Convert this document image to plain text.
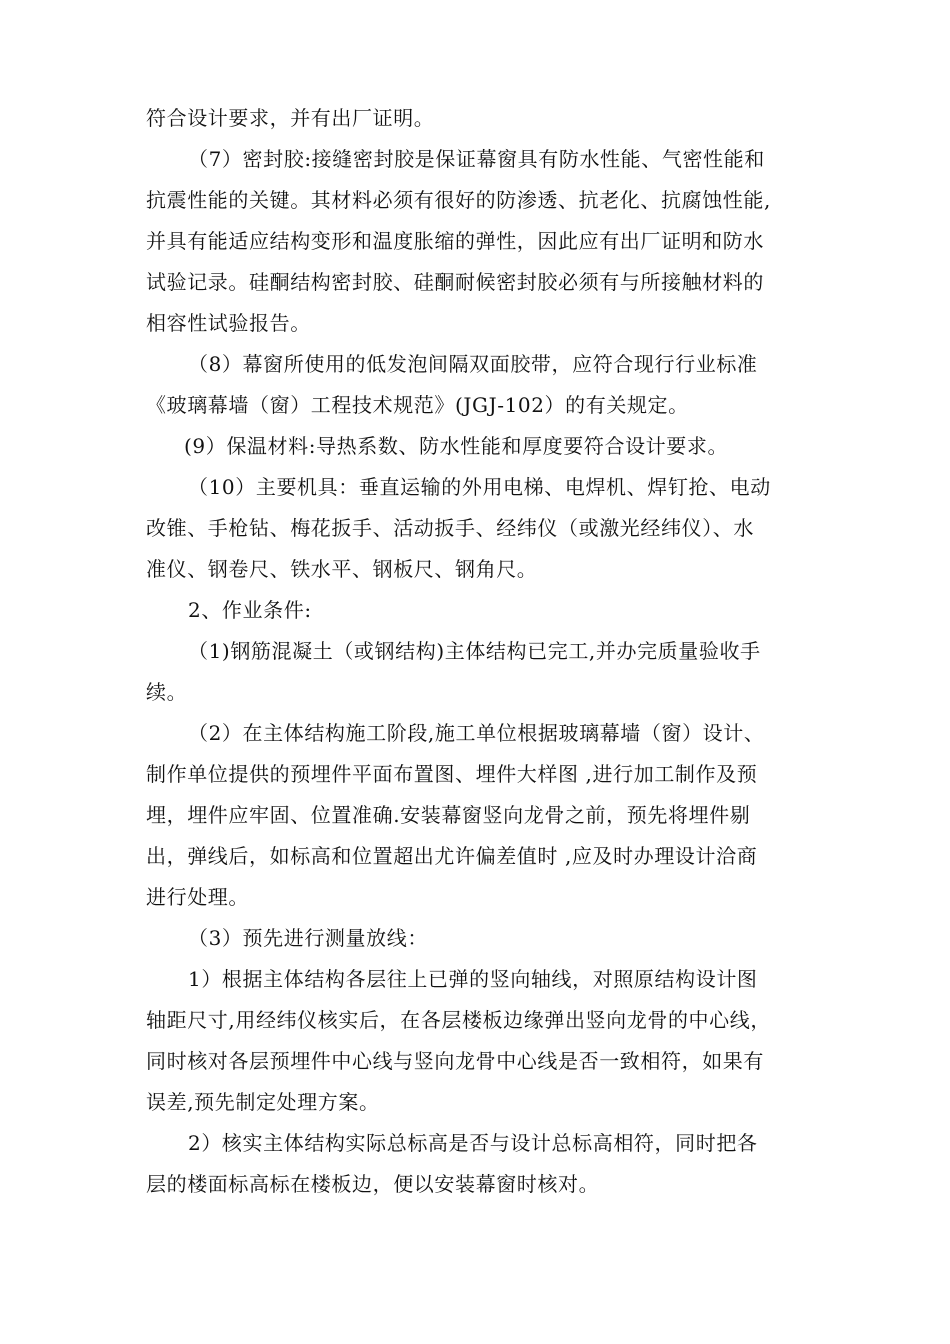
符合设计要求，并有出厂证明。
（7）密封胶:接缝密封胶是保证幕窗具有防水性能、气密性能和
抗震性能的关键。其材料必须有很好的防渗透、抗老化、抗腐蚀性能,
并具有能适应结构变形和温度胀缩的弹性，因此应有出厂证明和防水
试验记录。硅酮结构密封胶、硅酮耐候密封胶必须有与所接触材料的
相容性试验报告。
（8）幕窗所使用的低发泡间隔双面胶带，应符合现行行业标准
《玻璃幕墙（窗）工程技术规范》(JGJ-102）的有关规定。
(9）保温材料:导热系数、防水性能和厚度要符合设计要求。
（10）主要机具：垂直运输的外用电梯、电焊机、焊钉抢、电动
改锥、手枪钻、梅花扳手、活动扳手、经纬仪（或激光经纬仪）、水
准仪、钢卷尺、铁水平、钢板尺、钢角尺。
2、作业条件:
（1)钢筋混凝土（或钢结构)主体结构已完工,并办完质量验收手
续。
（2）在主体结构施工阶段,施工单位根据玻璃幕墙（窗）设计、
制作单位提供的预埋件平面布置图、埋件大样图 ,进行加工制作及预
埋，埋件应牢固、位置准确.安装幕窗竖向龙骨之前，预先将埋件剔
出，弹线后，如标高和位置超出尤许偏差值时 ,应及时办理设计洽商
进行处理。
（3）预先进行测量放线：
1）根据主体结构各层往上已弹的竖向轴线，对照原结构设计图
轴距尺寸,用经纬仪核实后，在各层楼板边缘弹出竖向龙骨的中心线，
同时核对各层预埋件中心线与竖向龙骨中心线是否一致相符，如果有
误差,预先制定处理方案。
2）核实主体结构实际总标高是否与设计总标高相符，同时把各
层的楼面标高标在楼板边，便以安装幕窗时核对。
